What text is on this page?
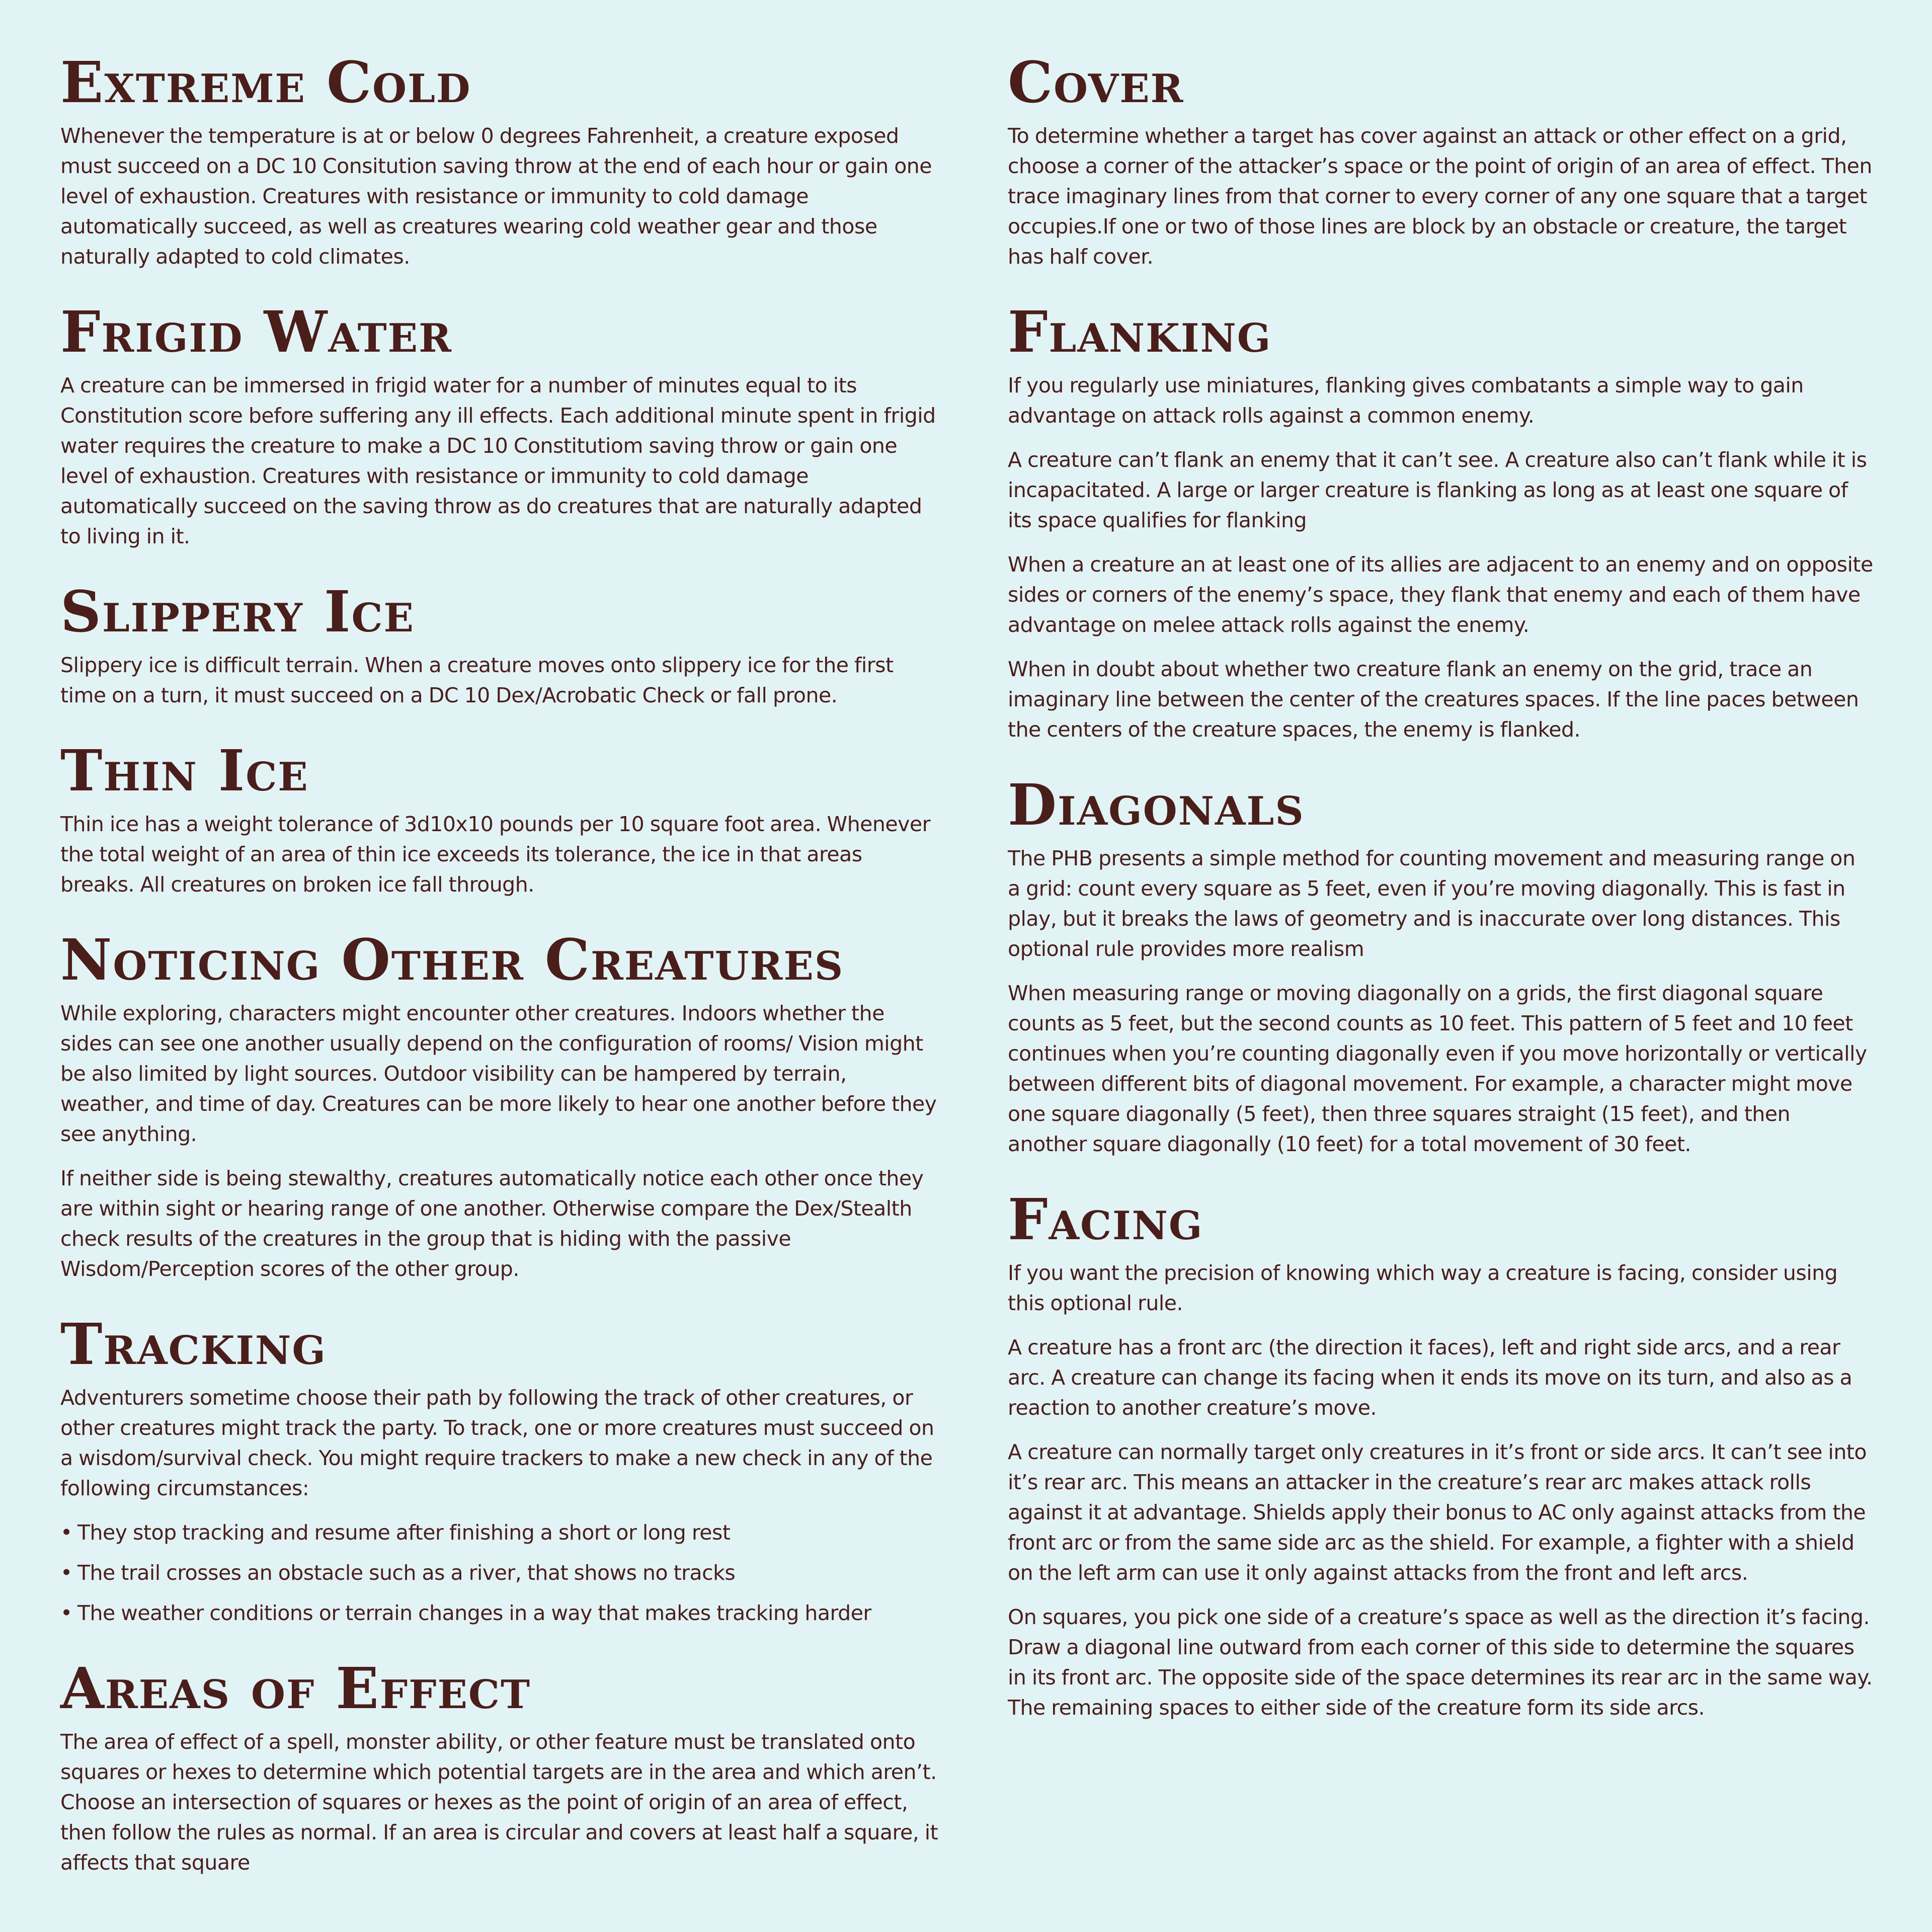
Extreme Cold

Whenever the temperature is at or below 0 degrees Fahrenheit, a creature exposed must succeed on a DC 10 Consitution saving throw at the end of each hour or gain one level of exhaustion. Creatures with resistance or immunity to cold damage automatically succeed, as well as creatures wearing cold weather gear and those naturally adapted to cold climates.

Frigid Water

A creature can be immersed in frigid water for a number of minutes equal to its Constitution score before suffering any ill effects. Each additional minute spent in frigid water requires the creature to make a DC 10 Constitutiom saving throw or gain one level of exhaustion. Creatures with resistance or immunity to cold damage automatically succeed on the saving throw as do creatures that are naturally adapted to living in it.

Slippery Ice

Slippery ice is difficult terrain. When a creature moves onto slippery ice for the first time on a turn, it must succeed on a DC 10 Dex/Acrobatic Check or fall prone.

Thin Ice

Thin ice has a weight tolerance of 3d10x10 pounds per 10 square foot area. Whenever the total weight of an area of thin ice exceeds its tolerance, the ice in that areas breaks. All creatures on broken ice fall through.

Noticing Other Creatures

While exploring, characters might encounter other creatures. Indoors whether the sides can see one another usually depend on the configuration of rooms/ Vision might be also limited by light sources. Outdoor visibility can be hampered by terrain, weather, and time of day. Creatures can be more likely to hear one another before they see anything.

If neither side is being stewalthy, creatures automatically notice each other once they are within sight or hearing range of one another. Otherwise compare the Dex/Stealth check results of the creatures in the group that is hiding with the passive Wisdom/Perception scores of the other group.

Tracking

Adventurers sometime choose their path by following the track of other creatures, or other creatures might track the party. To track, one or more creatures must succeed on a wisdom/survival check. You might require trackers to make a new check in any of the following circumstances:

• They stop tracking and resume after finishing a short or long rest
• The trail crosses an obstacle such as a river, that shows no tracks
• The weather conditions or terrain changes in a way that makes tracking harder
Areas of Effect

The area of effect of a spell, monster ability, or other feature must be translated onto squares or hexes to determine which potential targets are in the area and which aren’t. Choose an intersection of squares or hexes as the point of origin of an area of effect, then follow the rules as normal. If an area is circular and covers at least half a square, it affects that square

Cover

To determine whether a target has cover against an attack or other effect on a grid, choose a corner of the attacker’s space or the point of origin of an area of effect. Then trace imaginary lines from that corner to every corner of any one square that a target occupies.If one or two of those lines are block by an obstacle or creature, the target has half cover.

Flanking

If you regularly use miniatures, flanking gives combatants a simple way to gain advantage on attack rolls against a common enemy.

A creature can’t flank an enemy that it can’t see. A creature also can’t flank while it is incapacitated. A large or larger creature is flanking as long as at least one square of its space qualifies for flanking

When a creature an at least one of its allies are adjacent to an enemy and on opposite sides or corners of the enemy’s space, they flank that enemy and each of them have advantage on melee attack rolls against the enemy.

When in doubt about whether two creature flank an enemy on the grid, trace an imaginary line between the center of the creatures spaces. If the line paces between the centers of the creature spaces, the enemy is flanked.

Diagonals

The PHB presents a simple method for counting movement and measuring range on a grid: count every square as 5 feet, even if you’re moving diagonally. This is fast in play, but it breaks the laws of geometry and is inaccurate over long distances. This optional rule provides more realism

When measuring range or moving diagonally on a grids, the first diagonal square counts as 5 feet, but the second counts as 10 feet. This pattern of 5 feet and 10 feet continues when you’re counting diagonally even if you move horizontally or vertically between different bits of diagonal movement. For example, a character might move one square diagonally (5 feet), then three squares straight (15 feet), and then another square diagonally (10 feet) for a total movement of 30 feet.

Facing

If you want the precision of knowing which way a creature is facing, consider using this optional rule.

A creature has a front arc (the direction it faces), left and right side arcs, and a rear arc. A creature can change its facing when it ends its move on its turn, and also as a reaction to another creature’s move.

A creature can normally target only creatures in it’s front or side arcs. It can’t see into it’s rear arc. This means an attacker in the creature’s rear arc makes attack rolls against it at advantage. Shields apply their bonus to AC only against attacks from the front arc or from the same side arc as the shield. For example, a fighter with a shield on the left arm can use it only against attacks from the front and left arcs.

On squares, you pick one side of a creature’s space as well as the direction it’s facing. Draw a diagonal line outward from each corner of this side to determine the squares in its front arc. The opposite side of the space determines its rear arc in the same way. The remaining spaces to either side of the creature form its side arcs.
